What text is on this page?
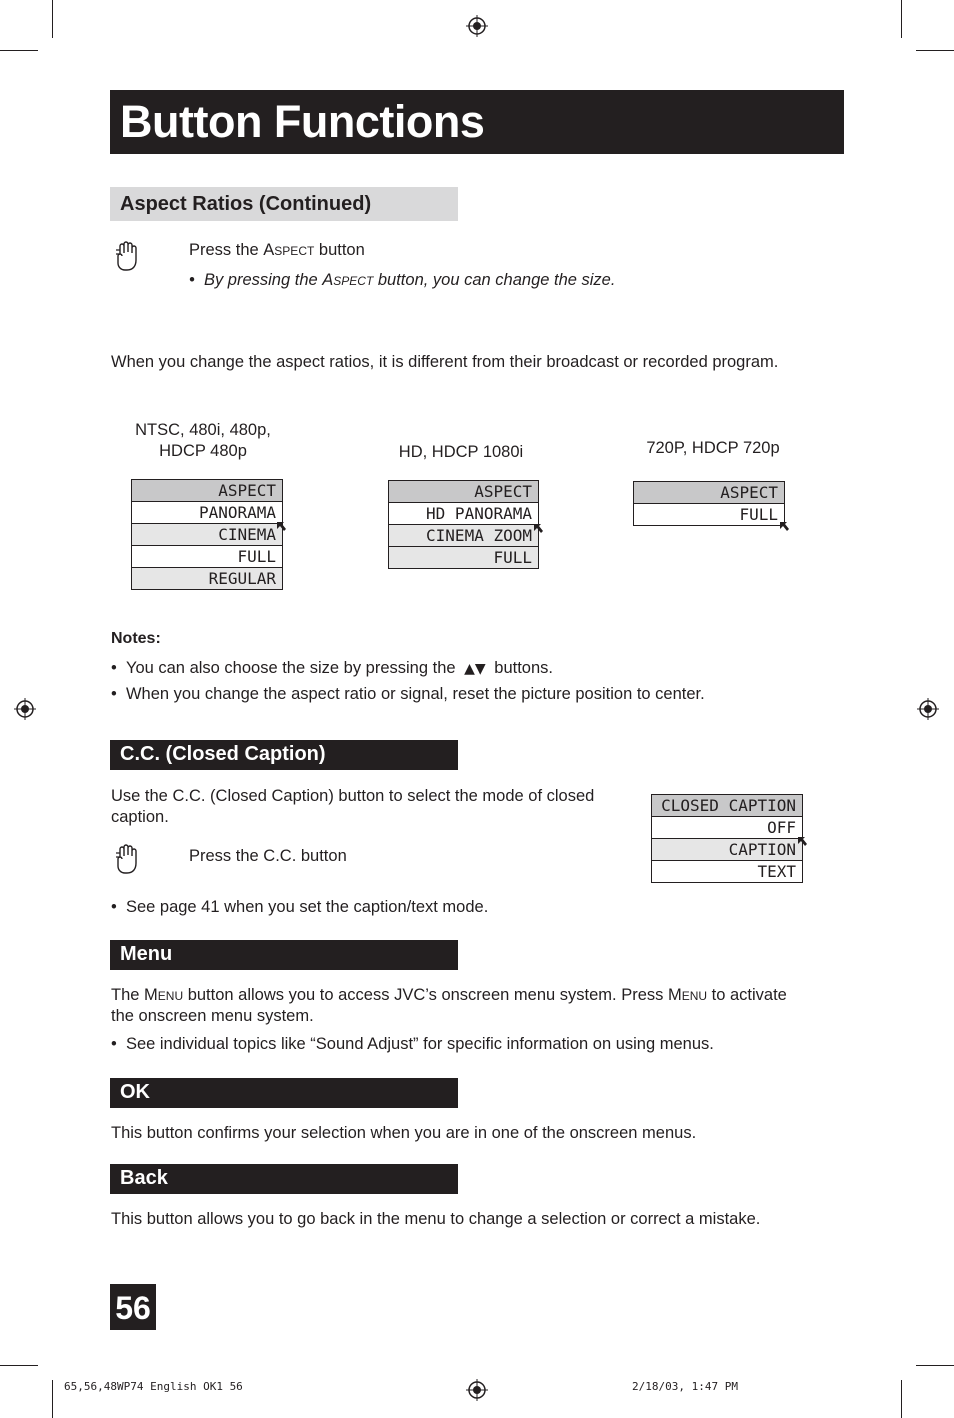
Button Functions
Aspect Ratios (Continued)
Press the Aspect button
•  By pressing the Aspect button, you can change the size.
When you change the aspect ratios, it is different from their broadcast or recorded program.
NTSC, 480i, 480p,
HDCP 480p	HD, HDCP 1080i	720P, HDCP 720p
ASPECT
PANORAMA
CINEMA
FULL
REGULAR
ASPECT
HD PANORAMA
CINEMA ZOOM
FULL
ASPECT
FULL
Notes:
•  You can also choose the size by pressing the ▲▼ buttons.
•  When you change the aspect ratio or signal, reset the picture position to center.
C.C. (Closed Caption)
Use the C.C. (Closed Caption) button to select the mode of closed
caption.
Press the C.C. button
•  See page 41 when you set the caption/text mode.
CLOSED CAPTION
OFF
CAPTION
TEXT
Menu
The Menu button allows you to access JVC’s onscreen menu system. Press Menu to activate
the onscreen menu system.
•  See individual topics like “Sound Adjust” for specific information on using menus.
OK
This button confirms your selection when you are in one of the onscreen menus.
Back
This button allows you to go back in the menu to change a selection or correct a mistake.
56
65,56,48WP74 English OK1 56	2/18/03, 1:47 PM
